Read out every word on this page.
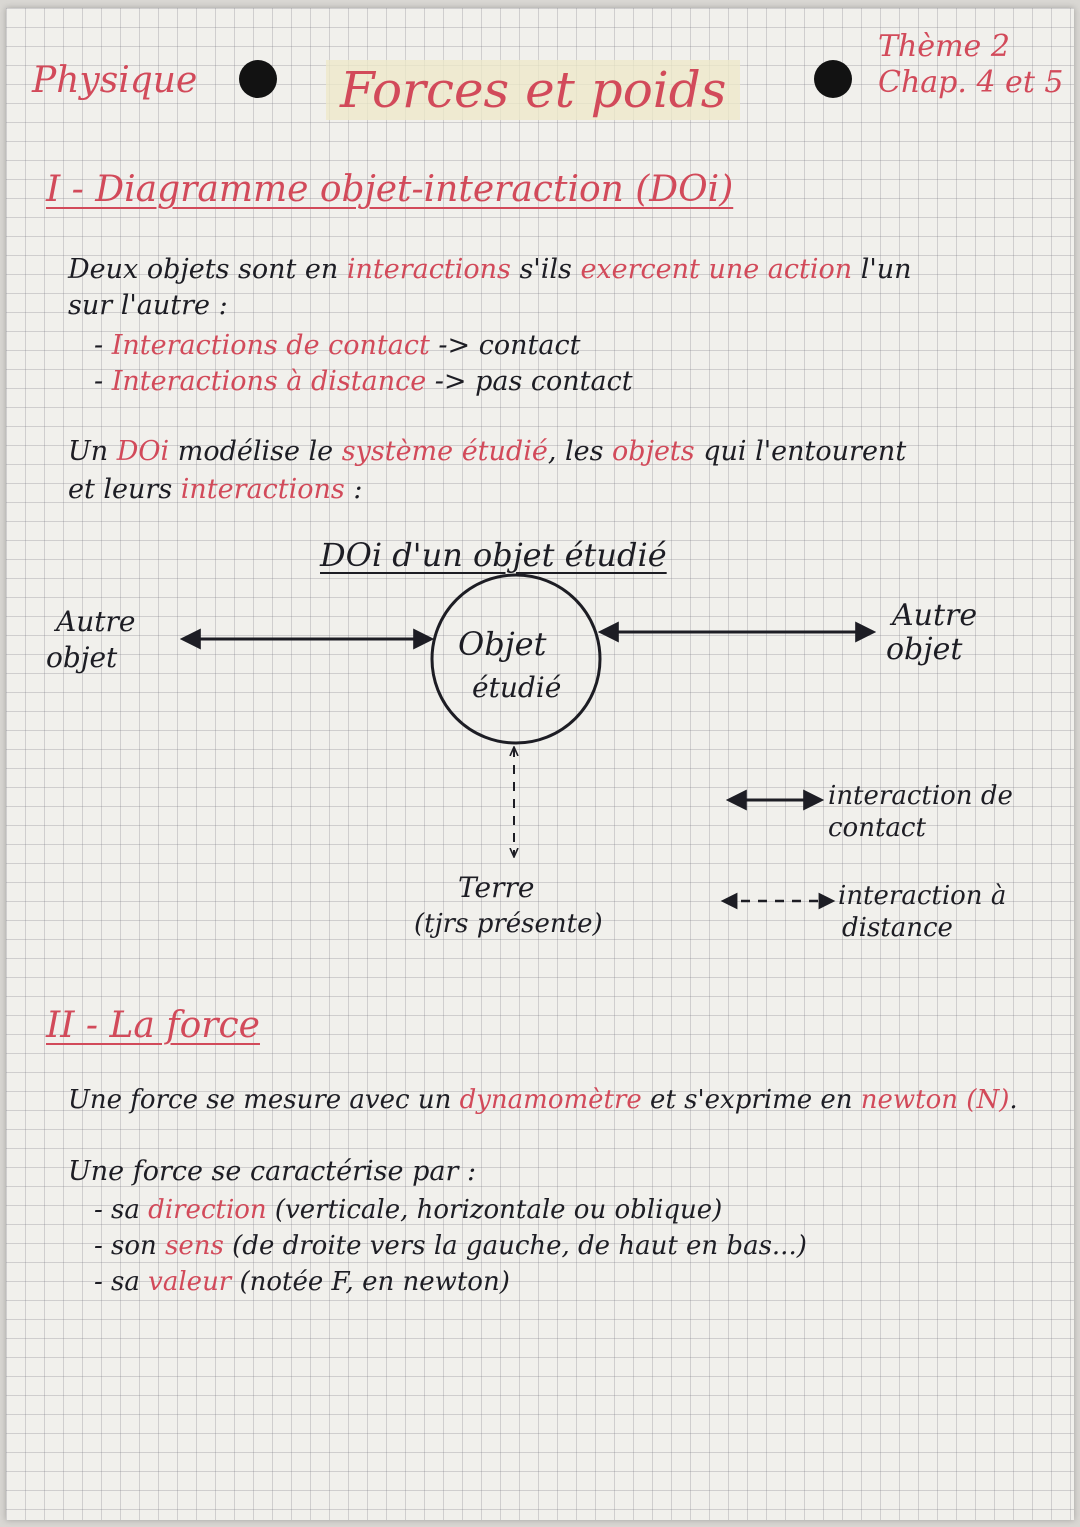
Physique	Forces et poids
Thème 2
Chap. 4 et 5
I - Diagramme objet-interaction (DOi)
Deux objets sont en interactions s'ils exercent une action l'un
sur l'autre :
- Interactions de contact -> contact
- Interactions à distance -> pas contact
Un DOi modélise le système étudié, les objets qui l'entourent
et leurs interactions :
DOi d'un objet étudié
Autre
objet	Objet
étudié
Autre
objet
Terre
(tjrs présente)
interaction de
contact
interaction à
distance
II - La force
Une force se mesure avec un dynamomètre et s'exprime en newton (N).
Une force se caractérise par :
- sa direction (verticale, horizontale ou oblique)
- son sens (de droite vers la gauche, de haut en bas...)
- sa valeur (notée F, en newton)
